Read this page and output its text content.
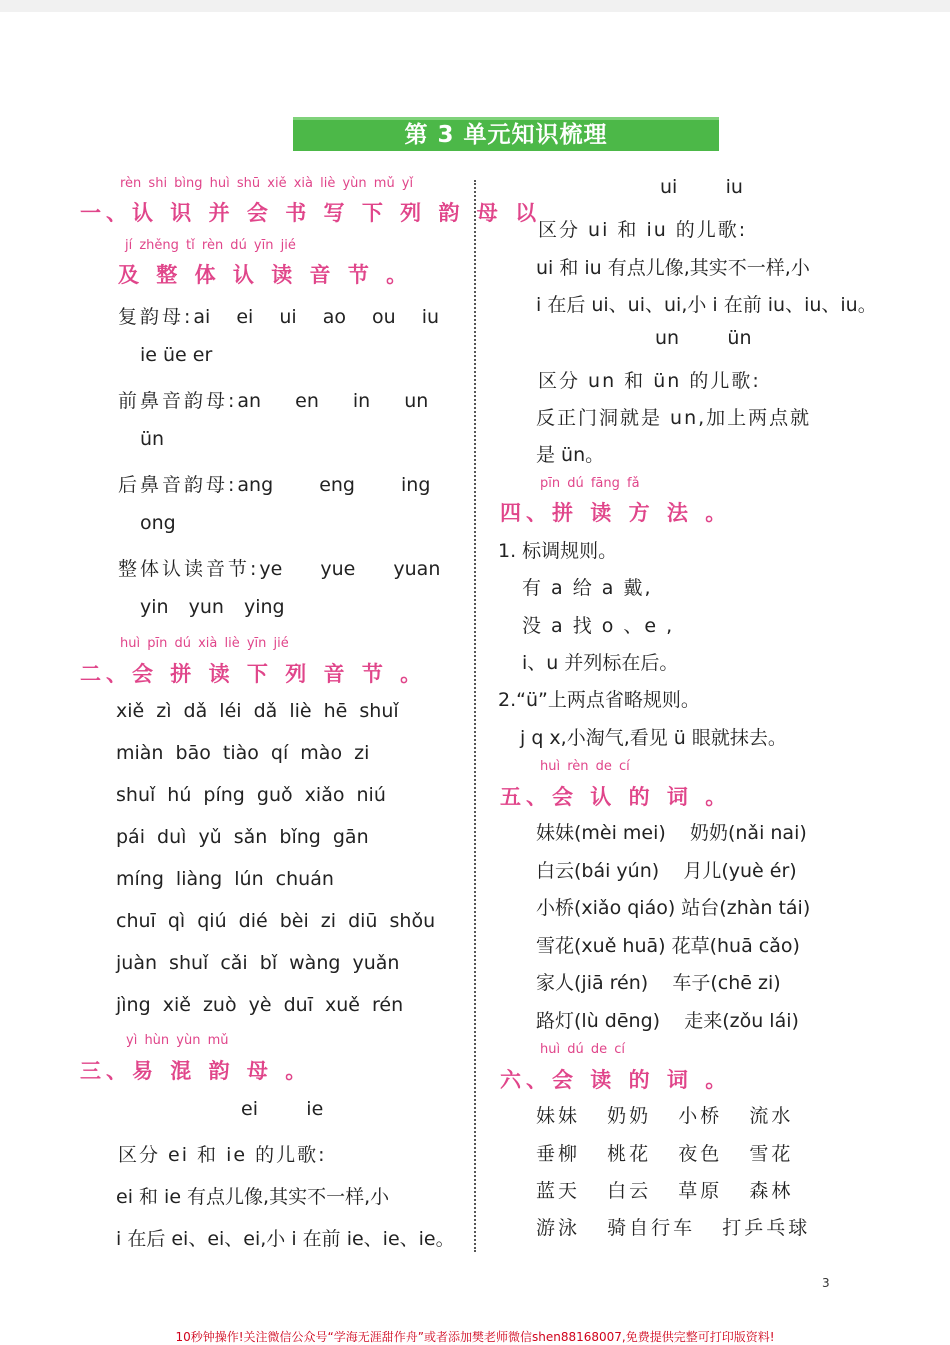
第 3 单元知识梳理
rèn shi bìng huì shū xiě xià liè yùn mǔ yǐ
一、认 识 并 会 书 写 下 列 韵 母 以
jí zhěng tǐ rèn dú yīn jié
及 整 体 认 读 音 节 。
复韵母:ai ei ui ao ou iu
ie üe er
前鼻音韵母:an en in un
ün
后鼻音韵母:ang eng ing
ong
整体认读音节:ye yue yuan
yin yun ying
huì pīn dú xià liè yīn jié
二、会 拼 读 下 列 音 节 。
xiě zì dǎ léi dǎ liè hē shuǐ
miàn bāo tiào qí mào zi
shuǐ hú píng guǒ xiǎo niú
pái duì yǔ sǎn bǐng gān
míng liàng lún chuán
chuī qì qiú dié bèi zi diū shǒu
juàn shuǐ cǎi bǐ wàng yuǎn
jìng xiě zuò yè duī xuě rén
yì hùn yùn mǔ
三、易 混 韵 母 。
ei        ie
区分 ei 和 ie 的儿歌:
ei 和 ie 有点儿像,其实不一样,小
i 在后 ei、ei、ei,小 i 在前 ie、ie、ie。
ui        iu
区分 ui 和 iu 的儿歌:
ui 和 iu 有点儿像,其实不一样,小
i 在后 ui、ui、ui,小 i 在前 iu、iu、iu。
un        ün
区分 un 和 ün 的儿歌:
反正门洞就是 un,加上两点就
是 ün。
pīn dú fāng fǎ
四、拼 读 方 法 。
1. 标调规则。
有 a 给 a 戴,
没 a 找 o 、e ,
i、u 并列标在后。
2.“ü”上两点省略规则。
j q x,小淘气,看见 ü 眼就抹去。
huì rèn de cí
五、会 认 的 词 。
妹妹(mèi mei)    奶奶(nǎi nai)
白云(bái yún)    月儿(yuè ér)
小桥(xiǎo qiáo) 站台(zhàn tái)
雪花(xuě huā) 花草(huā cǎo)
家人(jiā rén)    车子(chē zi)
路灯(lù dēng)    走来(zǒu lái)
huì dú de cí
六、会 读 的 词 。
妹妹   奶奶   小桥   流水
垂柳   桃花   夜色   雪花
蓝天   白云   草原   森林
游泳   骑自行车   打乒乓球
3
10秒钟操作!关注微信公众号“学海无涯甜作舟”或者添加樊老师微信shen88168007,免费提供完整可打印版资料!
